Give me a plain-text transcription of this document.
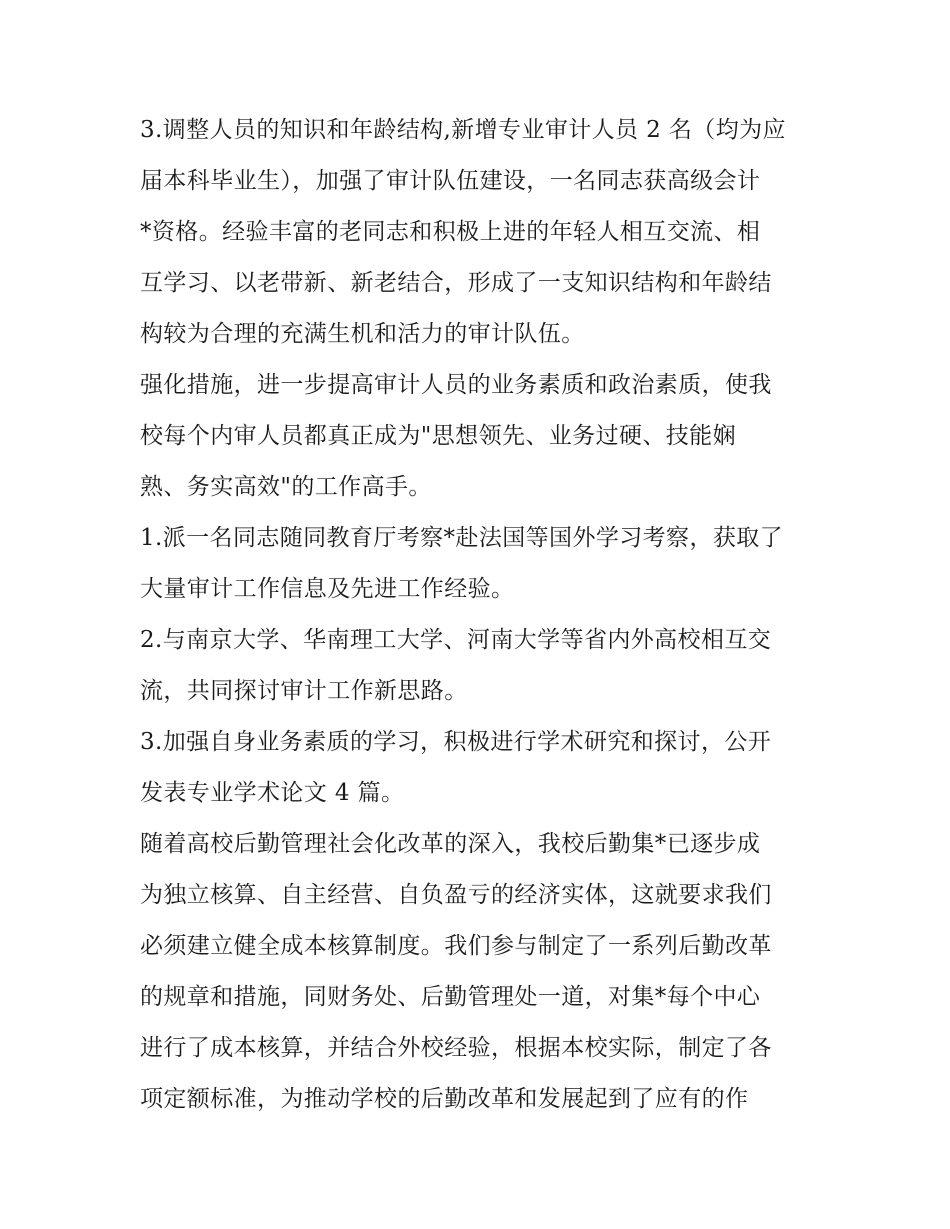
3.调整人员的知识和年龄结构,新增专业审计人员 2 名（均为应
届本科毕业生），加强了审计队伍建设，一名同志获高级会计
*资格。经验丰富的老同志和积极上进的年轻人相互交流、相
互学习、以老带新、新老结合，形成了一支知识结构和年龄结
构较为合理的充满生机和活力的审计队伍。
强化措施，进一步提高审计人员的业务素质和政治素质，使我
校每个内审人员都真正成为"思想领先、业务过硬、技能娴
熟、务实高效"的工作高手。
1.派一名同志随同教育厅考察*赴法国等国外学习考察，获取了
大量审计工作信息及先进工作经验。
2.与南京大学、华南理工大学、河南大学等省内外高校相互交
流，共同探讨审计工作新思路。
3.加强自身业务素质的学习，积极进行学术研究和探讨，公开
发表专业学术论文 4 篇。
随着高校后勤管理社会化改革的深入，我校后勤集*已逐步成
为独立核算、自主经营、自负盈亏的经济实体，这就要求我们
必须建立健全成本核算制度。我们参与制定了一系列后勤改革
的规章和措施，同财务处、后勤管理处一道，对集*每个中心
进行了成本核算，并结合外校经验，根据本校实际，制定了各
项定额标准，为推动学校的后勤改革和发展起到了应有的作
